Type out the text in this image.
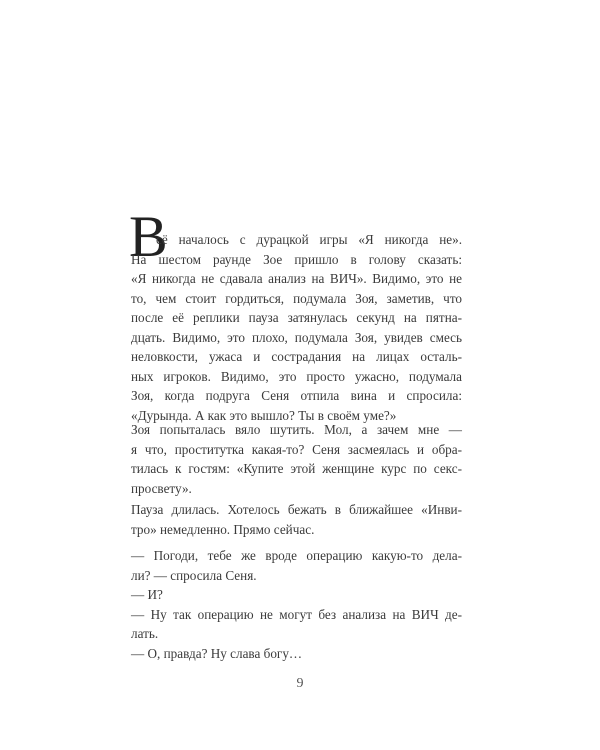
В
сё началось с дурацкой игры «Я никогда не».
На шестом раунде Зое пришло в голову сказать:
«Я никогда не сдавала анализ на ВИЧ». Видимо, это не
то, чем стоит гордиться, подумала Зоя, заметив, что
после её реплики пауза затянулась секунд на пятна-
дцать. Видимо, это плохо, подумала Зоя, увидев смесь
неловкости, ужаса и сострадания на лицах осталь-
ных игроков. Видимо, это просто ужасно, подумала
Зоя, когда подруга Сеня отпила вина и спросила:
«Дурында. А как это вышло? Ты в своём уме?»
Зоя попыталась вяло шутить. Мол, а зачем мне —
я что, проститутка какая-то? Сеня засмеялась и обра-
тилась к гостям: «Купите этой женщине курс по секс-
просвету».
Пауза длилась. Хотелось бежать в ближайшее «Инви-
тро» немедленно. Прямо сейчас.
— Погоди, тебе же вроде операцию какую-то дела-
ли? — спросила Сеня.
— И?
— Ну так операцию не могут без анализа на ВИЧ де-
лать.
— О, правда? Ну слава богу…
9
